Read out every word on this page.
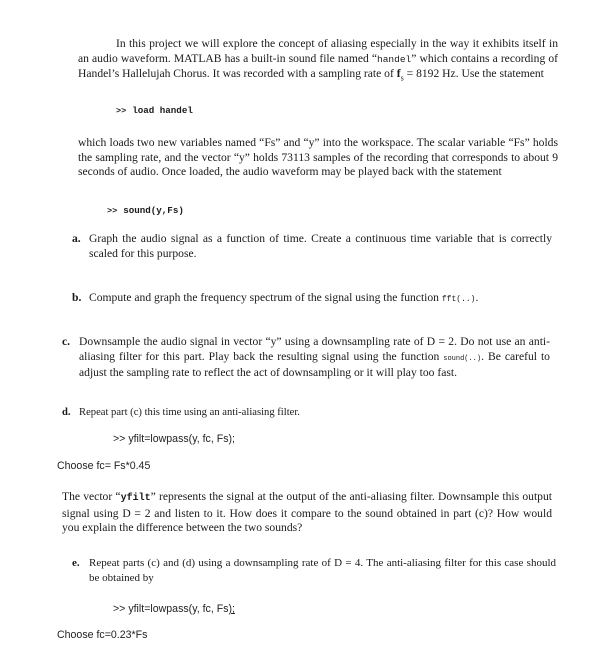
In this project we will explore the concept of aliasing especially in the way it exhibits itself in an audio waveform. MATLAB has a built-in sound file named “handel” which contains a recording of Handel’s Hallelujah Chorus. It was recorded with a sampling rate of $f_s = 8192$ Hz. Use the statement
>> load handel
which loads two new variables named “Fs” and “y” into the workspace. The scalar variable “Fs” holds the sampling rate, and the vector “y” holds 73113 samples of the recording that corresponds to about 9 seconds of audio. Once loaded, the audio waveform may be played back with the statement
>> sound(y,Fs)
a. Graph the audio signal as a function of time. Create a continuous time variable that is correctly scaled for this purpose.
b. Compute and graph the frequency spectrum of the signal using the function fft(..).
c. Downsample the audio signal in vector “y” using a downsampling rate of D = 2. Do not use an anti-aliasing filter for this part. Play back the resulting signal using the function sound(..). Be careful to adjust the sampling rate to reflect the act of downsampling or it will play too fast.
d. Repeat part (c) this time using an anti-aliasing filter.
>> yfilt=lowpass(y, fc, Fs);
Choose fc= Fs*0.45
The vector “yfilt” represents the signal at the output of the anti-aliasing filter. Downsample this output signal using D = 2 and listen to it. How does it compare to the sound obtained in part (c)? How would you explain the difference between the two sounds?
e. Repeat parts (c) and (d) using a downsampling rate of D = 4. The anti-aliasing filter for this case should be obtained by
>> yfilt=lowpass(y, fc, Fs);
Choose fc=0.23*Fs
